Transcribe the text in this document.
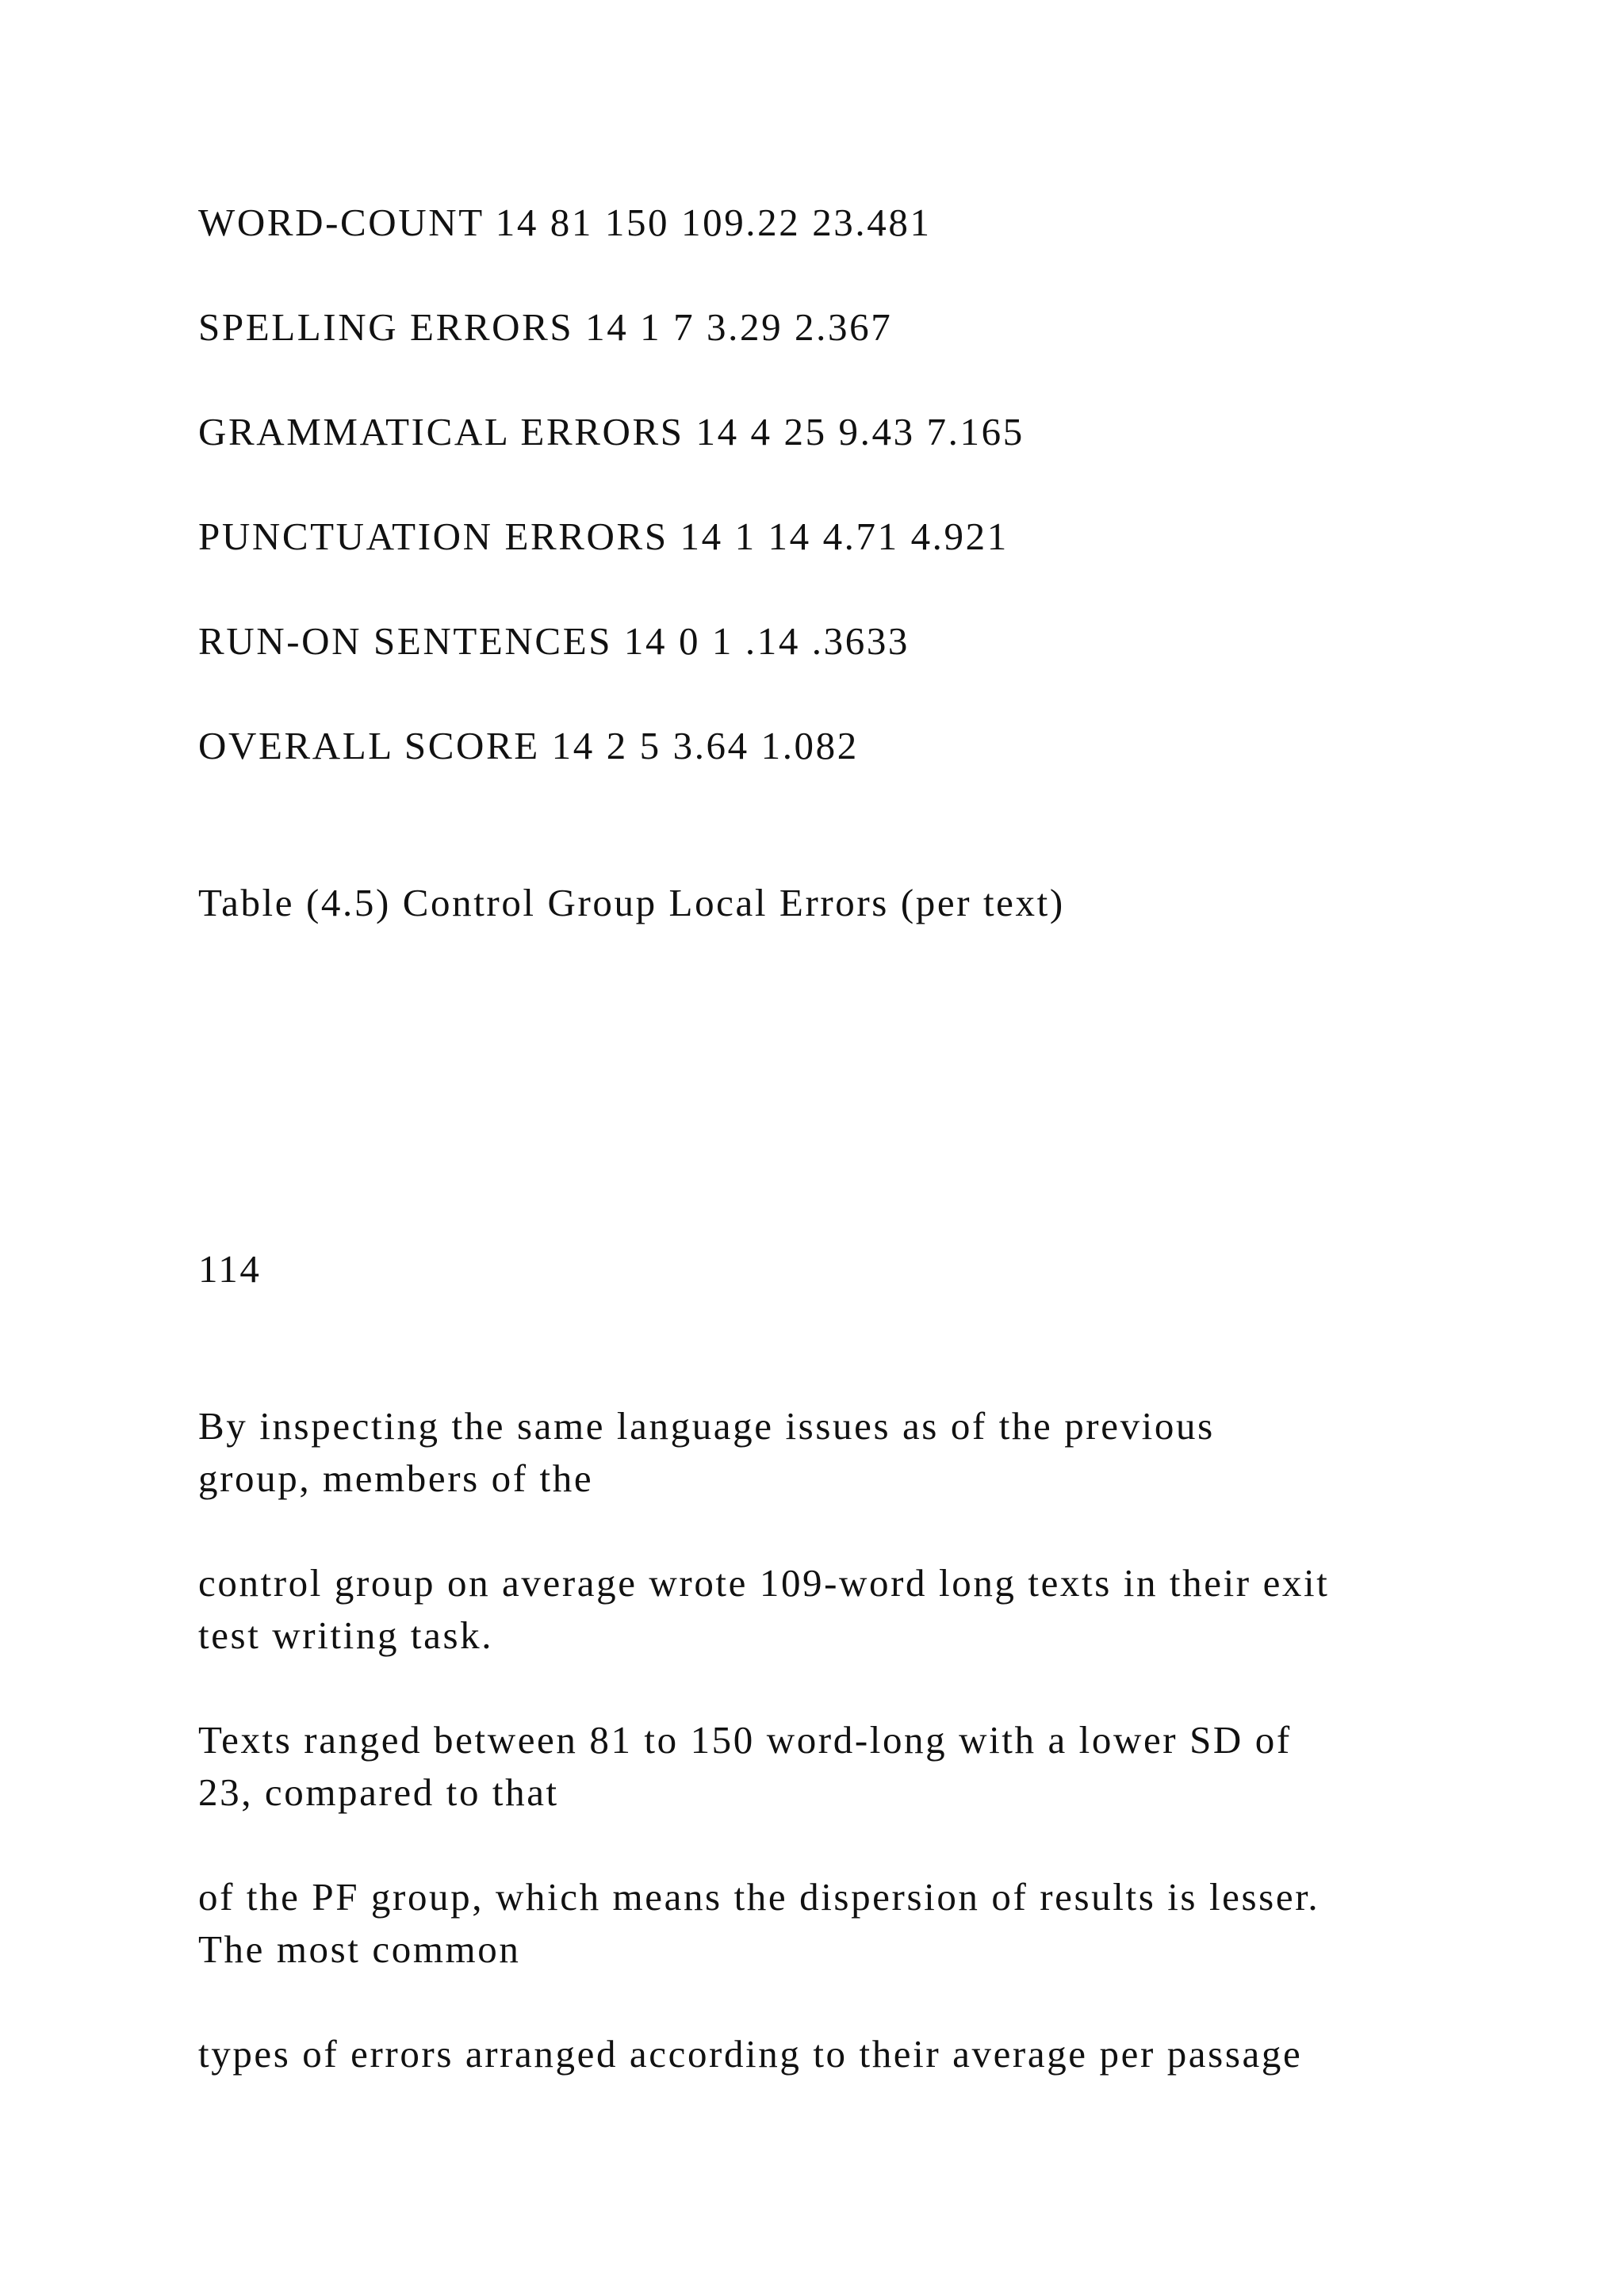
WORD-COUNT 14 81 150 109.22 23.481
SPELLING ERRORS 14 1 7 3.29 2.367
GRAMMATICAL ERRORS 14 4 25 9.43 7.165
PUNCTUATION ERRORS 14 1 14 4.71 4.921
RUN-ON SENTENCES 14 0 1 .14 .3633
OVERALL SCORE 14 2 5 3.64 1.082
Table (4.5) Control Group Local Errors (per text)
114
By inspecting the same language issues as of the previous
group, members of the
control group on average wrote 109-word long texts in their exit
test writing task.
Texts ranged between 81 to 150 word-long with a lower SD of
23, compared to that
of the PF group, which means the dispersion of results is lesser.
The most common
types of errors arranged according to their average per passage
